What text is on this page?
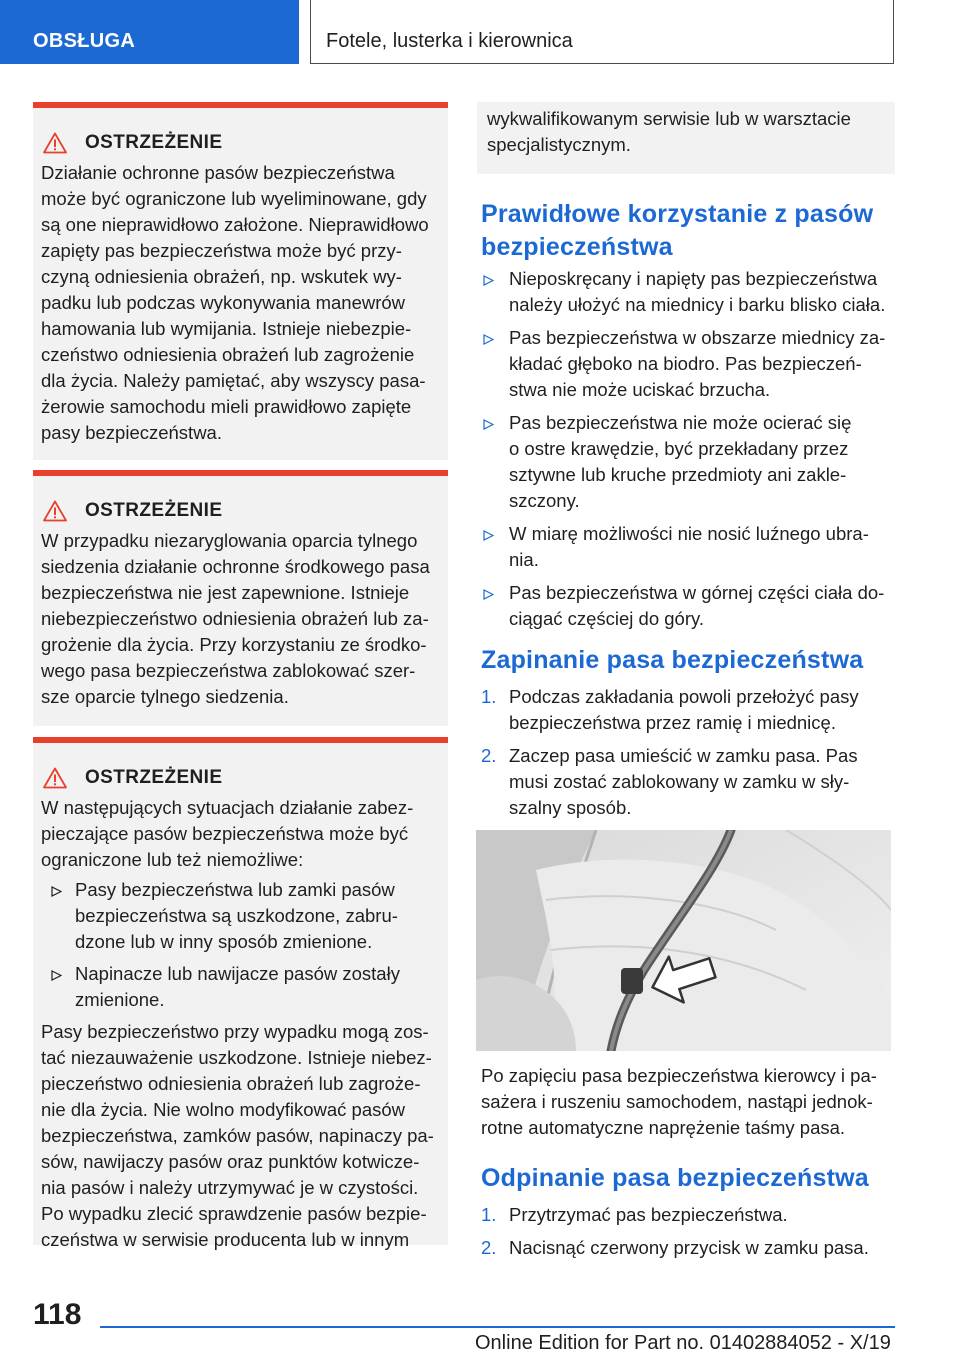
OBSŁUGA	Fotele, lusterka i kierownica
OSTRZEŻENIE
Działanie ochronne pasów bezpieczeństwa
może być ograniczone lub wyeliminowane, gdy
są one nieprawidłowo założone. Nieprawidłowo
zapięty pas bezpieczeństwa może być przy-
czyną odniesienia obrażeń, np. wskutek wy-
padku lub podczas wykonywania manewrów
hamowania lub wymijania. Istnieje niebezpie-
czeństwo odniesienia obrażeń lub zagrożenie
dla życia. Należy pamiętać, aby wszyscy pasa-
żerowie samochodu mieli prawidłowo zapięte
pasy bezpieczeństwa.
OSTRZEŻENIE
W przypadku niezaryglowania oparcia tylnego
siedzenia działanie ochronne środkowego pasa
bezpieczeństwa nie jest zapewnione. Istnieje
niebezpieczeństwo odniesienia obrażeń lub za-
grożenie dla życia. Przy korzystaniu ze środko-
wego pasa bezpieczeństwa zablokować szer-
sze oparcie tylnego siedzenia.
OSTRZEŻENIE
W następujących sytuacjach działanie zabez-
pieczające pasów bezpieczeństwa może być
ograniczone lub też niemożliwe:
Pasy bezpieczeństwa lub zamki pasów
bezpieczeństwa są uszkodzone, zabru-
dzone lub w inny sposób zmienione.
Napinacze lub nawijacze pasów zostały
zmienione.
Pasy bezpieczeństwo przy wypadku mogą zos-
tać niezauważenie uszkodzone. Istnieje niebez-
pieczeństwo odniesienia obrażeń lub zagroże-
nie dla życia. Nie wolno modyfikować pasów
bezpieczeństwa, zamków pasów, napinaczy pa-
sów, nawijaczy pasów oraz punktów kotwicze-
nia pasów i należy utrzymywać je w czystości.
Po wypadku zlecić sprawdzenie pasów bezpie-
czeństwa w serwisie producenta lub w innym
wykwalifikowanym serwisie lub w warsztacie
specjalistycznym.
Prawidłowe korzystanie z pasów
bezpieczeństwa
Nieposkręcany i napięty pas bezpieczeństwa
należy ułożyć na miednicy i barku blisko ciała.
Pas bezpieczeństwa w obszarze miednicy za-
kładać głęboko na biodro. Pas bezpieczeń-
stwa nie może uciskać brzucha.
Pas bezpieczeństwa nie może ocierać się
o ostre krawędzie, być przekładany przez
sztywne lub kruche przedmioty ani zakle-
szczony.
W miarę możliwości nie nosić luźnego ubra-
nia.
Pas bezpieczeństwa w górnej części ciała do-
ciągać częściej do góry.
Zapinanie pasa bezpieczeństwa
1. Podczas zakładania powoli przełożyć pasy
bezpieczeństwa przez ramię i miednicę.
2. Zaczep pasa umieścić w zamku pasa. Pas
musi zostać zablokowany w zamku w sły-
szalny sposób.
Po zapięciu pasa bezpieczeństwa kierowcy i pa-
sażera i ruszeniu samochodem, nastąpi jednok-
rotne automatyczne naprężenie taśmy pasa.
Odpinanie pasa bezpieczeństwa
1. Przytrzymać pas bezpieczeństwa.
2. Nacisnąć czerwony przycisk w zamku pasa.
118
Online Edition for Part no. 01402884052 - X/19
